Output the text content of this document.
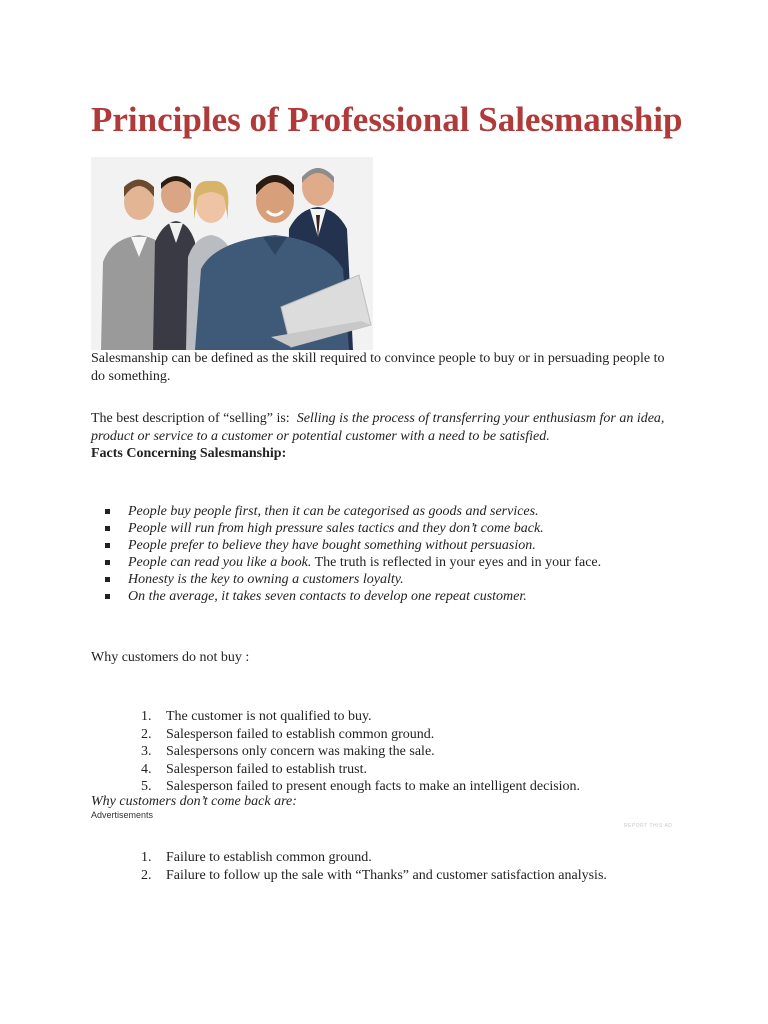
Principles of Professional Salesmanship

Salesmanship can be defined as the skill required to convince people to buy or in persuading people to do something.

The best description of “selling” is: Selling is the process of transferring your enthusiasm for an idea, product or service to a customer or potential customer with a need to be satisfied.

Facts Concerning Salesmanship:

People buy people first, then it can be categorised as goods and services.
People will run from high pressure sales tactics and they don’t come back.
People prefer to believe they have bought something without persuasion.
People can read you like a book. The truth is reflected in your eyes and in your face.
Honesty is the key to owning a customers loyalty.
On the average, it takes seven contacts to develop one repeat customer.

Why customers do not buy :

1. The customer is not qualified to buy.
2. Salesperson failed to establish common ground.
3. Salespersons only concern was making the sale.
4. Salesperson failed to establish trust.
5. Salesperson failed to present enough facts to make an intelligent decision.

Why customers don’t come back are:

Advertisements

REPORT THIS AD

1. Failure to establish common ground.
2. Failure to follow up the sale with “Thanks” and customer satisfaction analysis.
